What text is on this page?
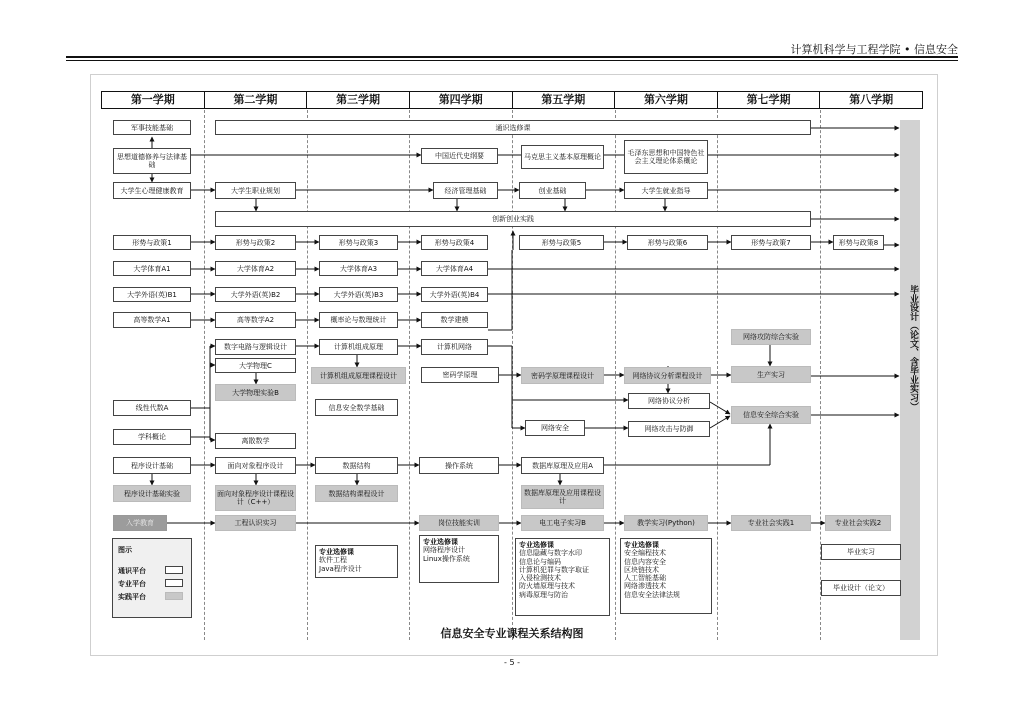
计算机科学与工程学院 • 信息安全
第一学期	第二学期	第三学期	第四学期	第五学期	第六学期	第七学期	第八学期
毕业设计（论文、含毕业实习）
军事技能基础	通识选修课
思想道德修养与法律基础
中国近代史纲要	马克思主义基本原理概论	毛泽东思想和中国特色社会主义理论体系概论
大学生心理健康教育	大学生职业规划	经济管理基础	创业基础	大学生就业指导
创新创业实践
形势与政策1	形势与政策2	形势与政策3	形势与政策4	形势与政策5	形势与政策6	形势与政策7	形势与政策8
大学体育A1	大学体育A2	大学体育A3	大学体育A4
大学外语(英)B1	大学外语(英)B2	大学外语(英)B3	大学外语(英)B4
高等数学A1	高等数学A2	概率论与数理统计	数学建模
数字电路与逻辑设计	计算机组成原理	计算机网络
大学物理C
计算机组成原理课程设计	密码学原理	密码学原理课程设计	网络协议分析课程设计
网络攻防综合实验
生产实习
大学物理实验B
信息安全数学基础
网络协议分析
线性代数A
网络安全	网络攻击与防御
信息安全综合实验
学科概论	离散数学
程序设计基础	面向对象程序设计	数据结构	操作系统	数据库原理及应用A
程序设计基础实验	面向对象程序设计课程设计（C++）
数据结构课程设计	数据库原理及应用课程设计
入学教育	工程认识实习	岗位技能实训	电工电子实习B	教学实习(Python)	专业社会实践1	专业社会实践2
毕业实习
毕业设计（论文）
专业选修课
软件工程
Java程序设计
专业选修课
网络程序设计
Linux操作系统
专业选修课
信息隐藏与数字水印
信息论与编码
计算机犯罪与数字取证
入侵检测技术
防火墙原理与技术
病毒原理与防治
专业选修课
安全编程技术
信息内容安全
区块链技术
人工智能基础
网络渗透技术
信息安全法律法规
图示
通识平台
专业平台
实践平台
信息安全专业课程关系结构图
- 5 -
